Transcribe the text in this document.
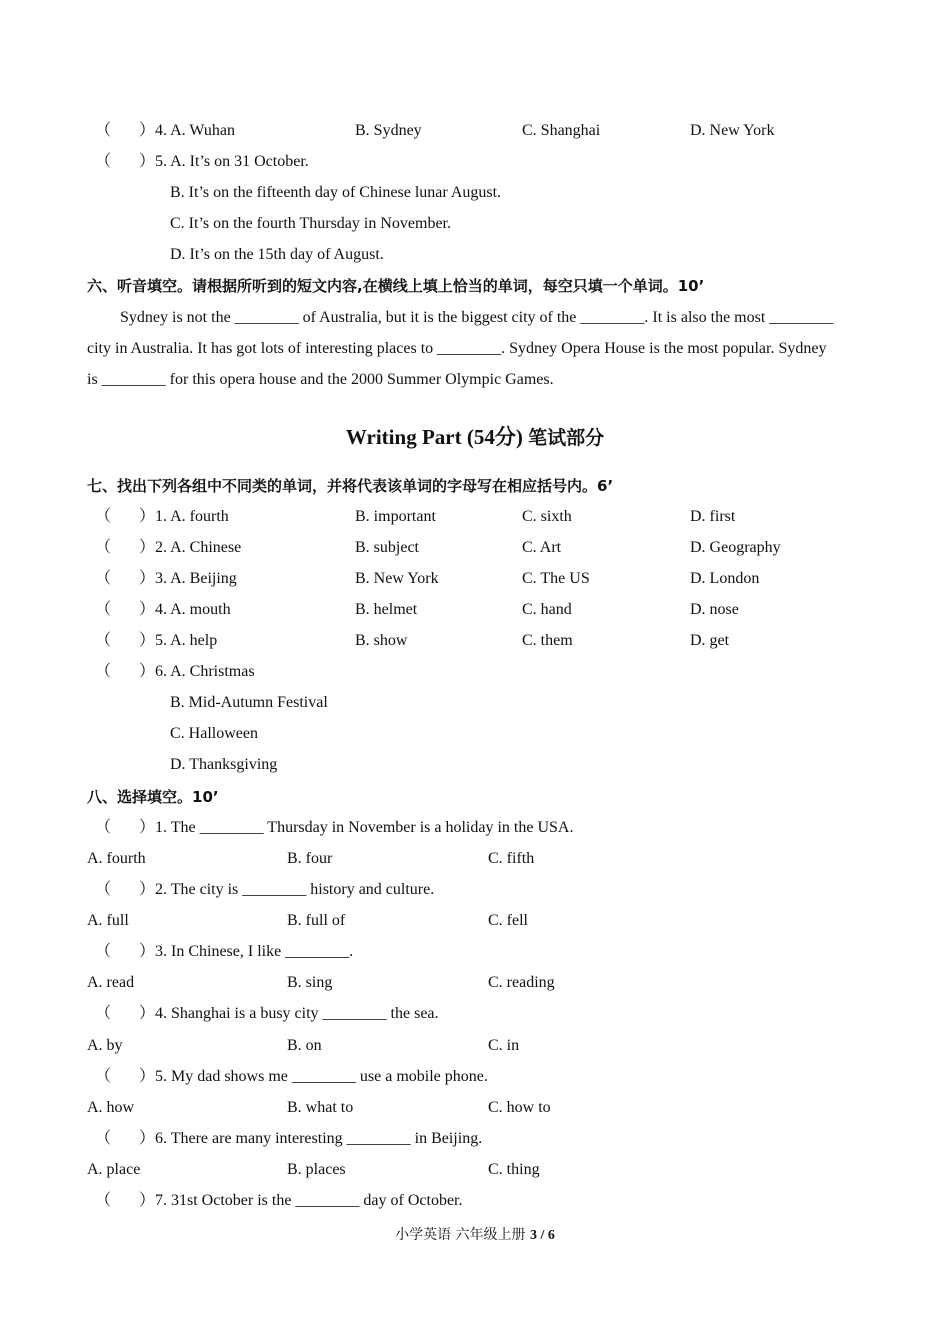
（ ）4. A. Wuhan	B. Sydney	C. Shanghai	D. New York
（ ）5. A. It’s on 31 October.
B. It’s on the fifteenth day of Chinese lunar August.
C. It’s on the fourth Thursday in November.
D. It’s on the 15th day of August.
六、听音填空。请根据所听到的短文内容,在横线上填上恰当的单词，每空只填一个单词。10’
Sydney is not the ________ of Australia, but it is the biggest city of the ________. It is also the most ________
city in Australia. It has got lots of interesting places to ________. Sydney Opera House is the most popular. Sydney
is ________ for this opera house and the 2000 Summer Olympic Games.
Writing Part (54分) 笔试部分
七、找出下列各组中不同类的单词，并将代表该单词的字母写在相应括号内。6’
（ ）1. A. fourth	B. important	C. sixth	D. first
（ ）2. A. Chinese	B. subject	C. Art	D. Geography
（ ）3. A. Beijing	B. New York	C. The US	D. London
（ ）4. A. mouth	B. helmet	C. hand	D. nose
（ ）5. A. help	B. show	C. them	D. get
（ ）6. A. Christmas
B. Mid-Autumn Festival
C. Halloween
D. Thanksgiving
八、选择填空。10’
（ ）1. The ________ Thursday in November is a holiday in the USA.
A. fourth	B. four	C. fifth
（ ）2. The city is ________ history and culture.
A. full	B. full of	C. fell
（ ）3. In Chinese, I like ________.
A. read	B. sing	C. reading
（ ）4. Shanghai is a busy city ________ the sea.
A. by	B. on	C. in
（ ）5. My dad shows me ________ use a mobile phone.
A. how	B. what to	C. how to
（ ）6. There are many interesting ________ in Beijing.
A. place	B. places	C. thing
（ ）7. 31st October is the ________ day of October.
小学英语 六年级上册 3 / 6
